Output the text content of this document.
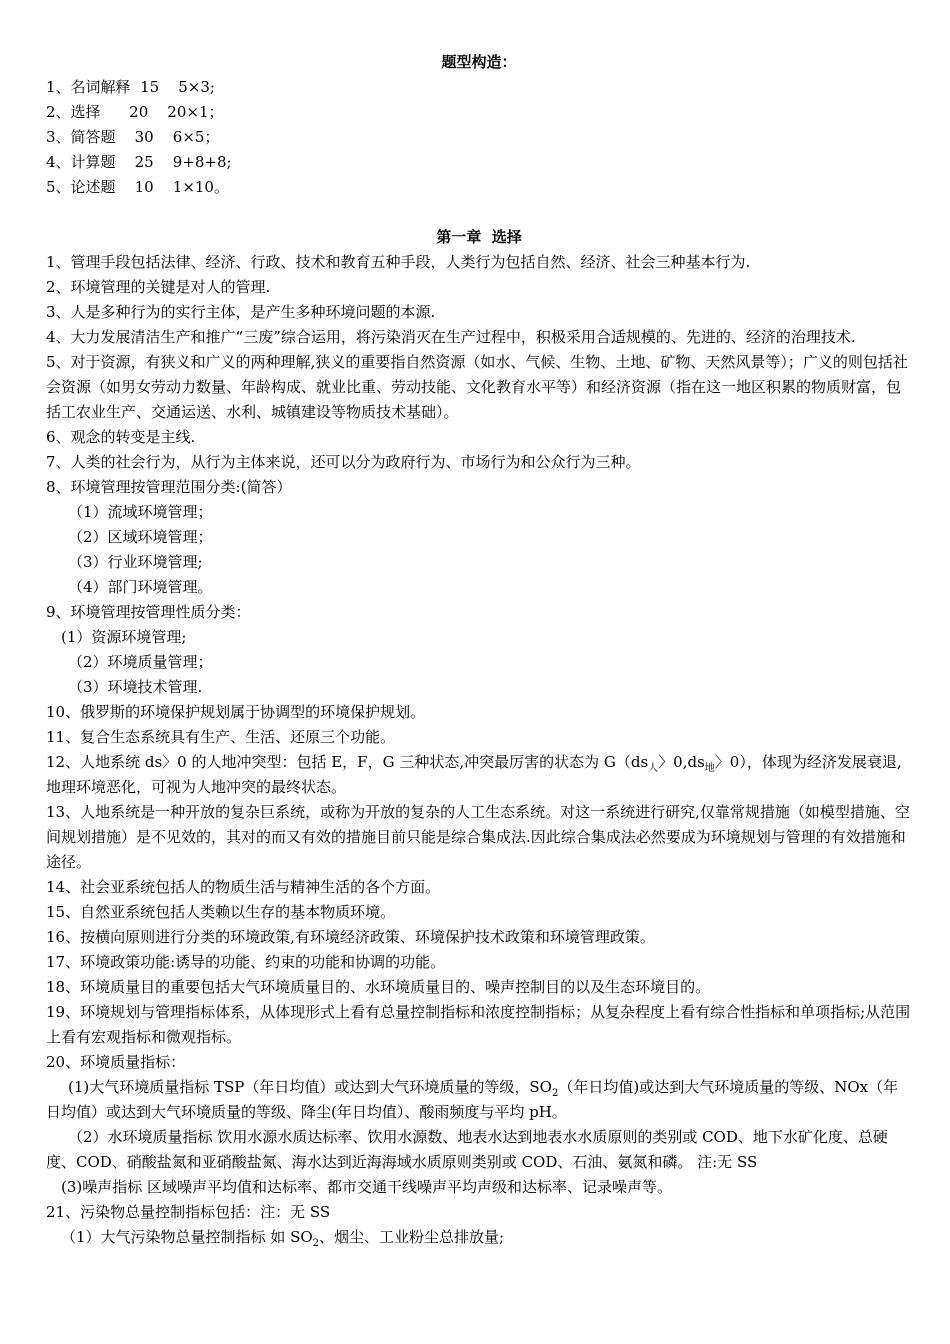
题型构造：

1、名词解释  15    5×3;

2、选择      20    20×1；

3、简答题    30    6×5；

4、计算题    25    9+8+8;

5、论述题    10    1×10。

第一章  选择

1、管理手段包括法律、经济、行政、技术和教育五种手段，人类行为包括自然、经济、社会三种基本行为.

2、环境管理的关键是对人的管理.

3、人是多种行为的实行主体，是产生多种环境问题的本源.

4、大力发展清洁生产和推广“三废”综合运用，将污染消灭在生产过程中，积极采用合适规模的、先进的、经济的治理技术.

5、对于资源，有狭义和广义的两种理解,狭义的重要指自然资源（如水、气候、生物、土地、矿物、天然风景等）；广义的则包括社会资源（如男女劳动力数量、年龄构成、就业比重、劳动技能、文化教育水平等）和经济资源（指在这一地区积累的物质财富，包括工农业生产、交通运送、水利、城镇建设等物质技术基础）。

6、观念的转变是主线.

7、人类的社会行为，从行为主体来说，还可以分为政府行为、市场行为和公众行为三种。

8、环境管理按管理范围分类:(简答）

（1）流域环境管理；

（2）区域环境管理；

（3）行业环境管理;

（4）部门环境管理。

9、环境管理按管理性质分类：

(1）资源环境管理;

（2）环境质量管理；

（3）环境技术管理.

10、俄罗斯的环境保护规划属于协调型的环境保护规划。

11、复合生态系统具有生产、生活、还原三个功能。

12、人地系统 ds〉0 的人地冲突型：包括 E，F，G 三种状态,冲突最厉害的状态为 $G(ds_人$〉$0,ds_地$〉0），体现为经济发展衰退,地理环境恶化，可视为人地冲突的最终状态。

13、人地系统是一种开放的复杂巨系统，或称为开放的复杂的人工生态系统。对这一系统进行研究,仅靠常规措施（如模型措施、空间规划措施）是不见效的，其对的而又有效的措施目前只能是综合集成法.因此综合集成法必然要成为环境规划与管理的有效措施和途径。

14、社会亚系统包括人的物质生活与精神生活的各个方面。

15、自然亚系统包括人类赖以生存的基本物质环境。

16、按横向原则进行分类的环境政策,有环境经济政策、环境保护技术政策和环境管理政策。

17、环境政策功能:诱导的功能、约束的功能和协调的功能。

18、环境质量目的重要包括大气环境质量目的、水环境质量目的、噪声控制目的以及生态环境目的。

19、环境规划与管理指标体系，从体现形式上看有总量控制指标和浓度控制指标；从复杂程度上看有综合性指标和单项指标;从范围上看有宏观指标和微观指标。

20、环境质量指标：

(1)大气环境质量指标 TSP（年日均值）或达到大气环境质量的等级，$SO_2$（年日均值)或达到大气环境质量的等级、NOx（年日均值）或达到大气环境质量的等级、降尘(年日均值）、酸雨频度与平均 pH。

（2）水环境质量指标 饮用水源水质达标率、饮用水源数、地表水达到地表水水质原则的类别或 COD、地下水矿化度、总硬度、COD、硝酸盐氮和亚硝酸盐氮、海水达到近海海域水质原则类别或 COD、石油、氨氮和磷。 注:无 SS

(3)噪声指标 区域噪声平均值和达标率、都市交通干线噪声平均声级和达标率、记录噪声等。

21、污染物总量控制指标包括：注：无 SS

（1）大气污染物总量控制指标 如 $SO_2$、烟尘、工业粉尘总排放量;
